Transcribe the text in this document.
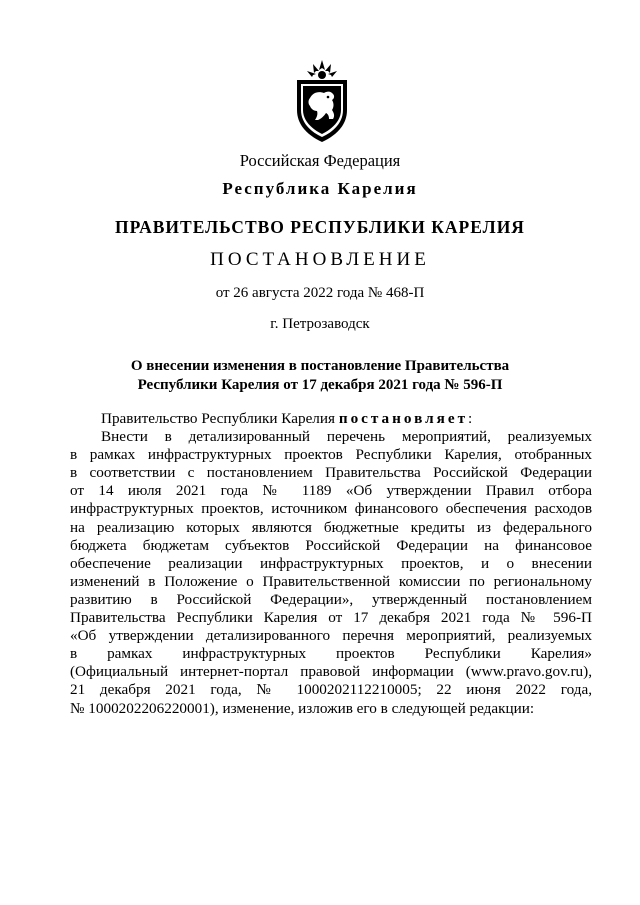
Российская Федерация
Республика Карелия
ПРАВИТЕЛЬСТВО РЕСПУБЛИКИ КАРЕЛИЯ
ПОСТАНОВЛЕНИЕ
от 26 августа 2022 года № 468-П
г. Петрозаводск
О внесении изменения в постановление Правительства
Республики Карелия от 17 декабря 2021 года № 596-П

Правительство Республики Карелия постановляет:

Внести в детализированный перечень мероприятий, реализуемых
в рамках инфраструктурных проектов Республики Карелия, отобранных
в соответствии с постановлением Правительства Российской Федерации
от 14 июля 2021 года № 1189 «Об утверждении Правил отбора
инфраструктурных проектов, источником финансового обеспечения расходов
на реализацию которых являются бюджетные кредиты из федерального
бюджета бюджетам субъектов Российской Федерации на финансовое
обеспечение реализации инфраструктурных проектов, и о внесении
изменений в Положение о Правительственной комиссии по региональному
развитию в Российской Федерации», утвержденный постановлением
Правительства Республики Карелия от 17 декабря 2021 года № 596-П
«Об утверждении детализированного перечня мероприятий, реализуемых
в рамках инфраструктурных проектов Республики Карелия»
(Официальный интернет-портал правовой информации (www.pravo.gov.ru),
21 декабря 2021 года, № 1000202112210005; 22 июня 2022 года,
№ 1000202206220001), изменение, изложив его в следующей редакции:
